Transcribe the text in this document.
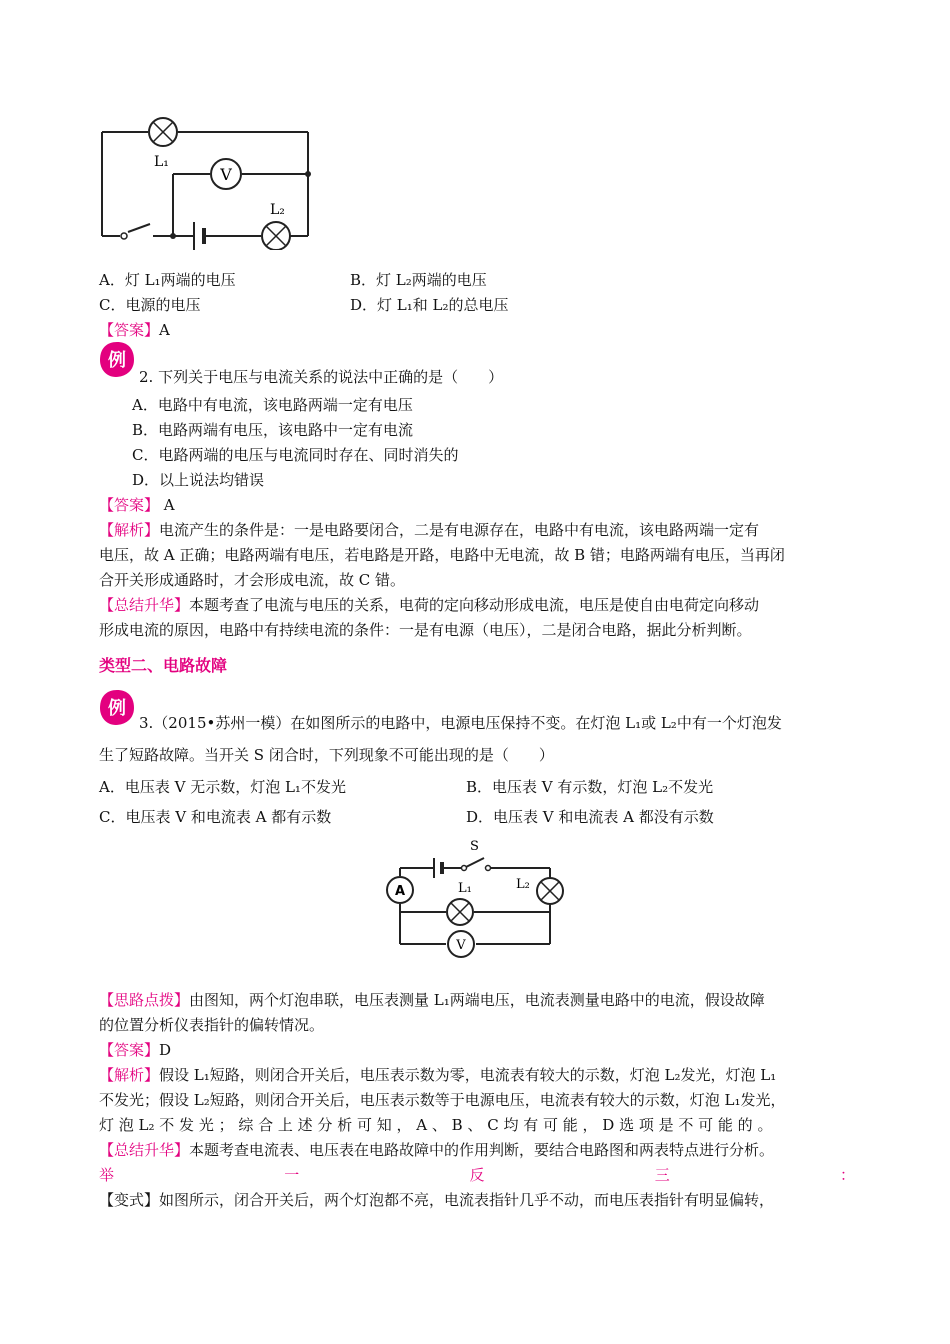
V
L₁
L₂
A．灯 L₁两端的电压	B．灯 L₂两端的电压
C．电源的电压	D．灯 L₁和 L₂的总电压
【答案】A
例
2. 下列关于电压与电流关系的说法中正确的是（　　）
A．电路中有电流，该电路两端一定有电压
B．电路两端有电压，该电路中一定有电流
C．电路两端的电压与电流同时存在、同时消失的
D．以上说法均错误
【答案】 A
【解析】电流产生的条件是：一是电路要闭合，二是有电源存在，电路中有电流，该电路两端一定有
电压，故 A 正确；电路两端有电压，若电路是开路，电路中无电流，故 B 错；电路两端有电压，当再闭
合开关形成通路时，才会形成电流，故 C 错。
【总结升华】本题考查了电流与电压的关系，电荷的定向移动形成电流，电压是使自由电荷定向移动
形成电流的原因，电路中有持续电流的条件：一是有电源（电压），二是闭合电路，据此分析判断。
类型二、电路故障
例
3.（2015•苏州一模）在如图所示的电路中，电源电压保持不变。在灯泡 L₁或 L₂中有一个灯泡发
生了短路故障。当开关 S 闭合时，下列现象不可能出现的是（　　）
A．电压表 V 无示数，灯泡 L₁不发光	B．电压表 V 有示数，灯泡 L₂不发光
C．电压表 V 和电流表 A 都有示数	D．电压表 V 和电流表 A 都没有示数
A
V
S
L₁	L₂
【思路点拨】由图知，两个灯泡串联，电压表测量 L₁两端电压，电流表测量电路中的电流，假设故障
的位置分析仪表指针的偏转情况。
【答案】D
【解析】假设 L₁短路，则闭合开关后，电压表示数为零，电流表有较大的示数，灯泡 L₂发光，灯泡 L₁
不发光；假设 L₂短路，则闭合开关后，电压表示数等于电源电压，电流表有较大的示数，灯泡 L₁发光，
灯 泡 L₂ 不 发 光 ； 综 合 上 述 分 析 可 知 ， A 、 B 、 C 均 有 可 能 ， D 选 项 是 不 可 能 的 。
【总结升华】本题考查电流表、电压表在电路故障中的作用判断，要结合电路图和两表特点进行分析。
举	一	反	三	：
【变式】如图所示，闭合开关后，两个灯泡都不亮，电流表指针几乎不动，而电压表指针有明显偏转，
